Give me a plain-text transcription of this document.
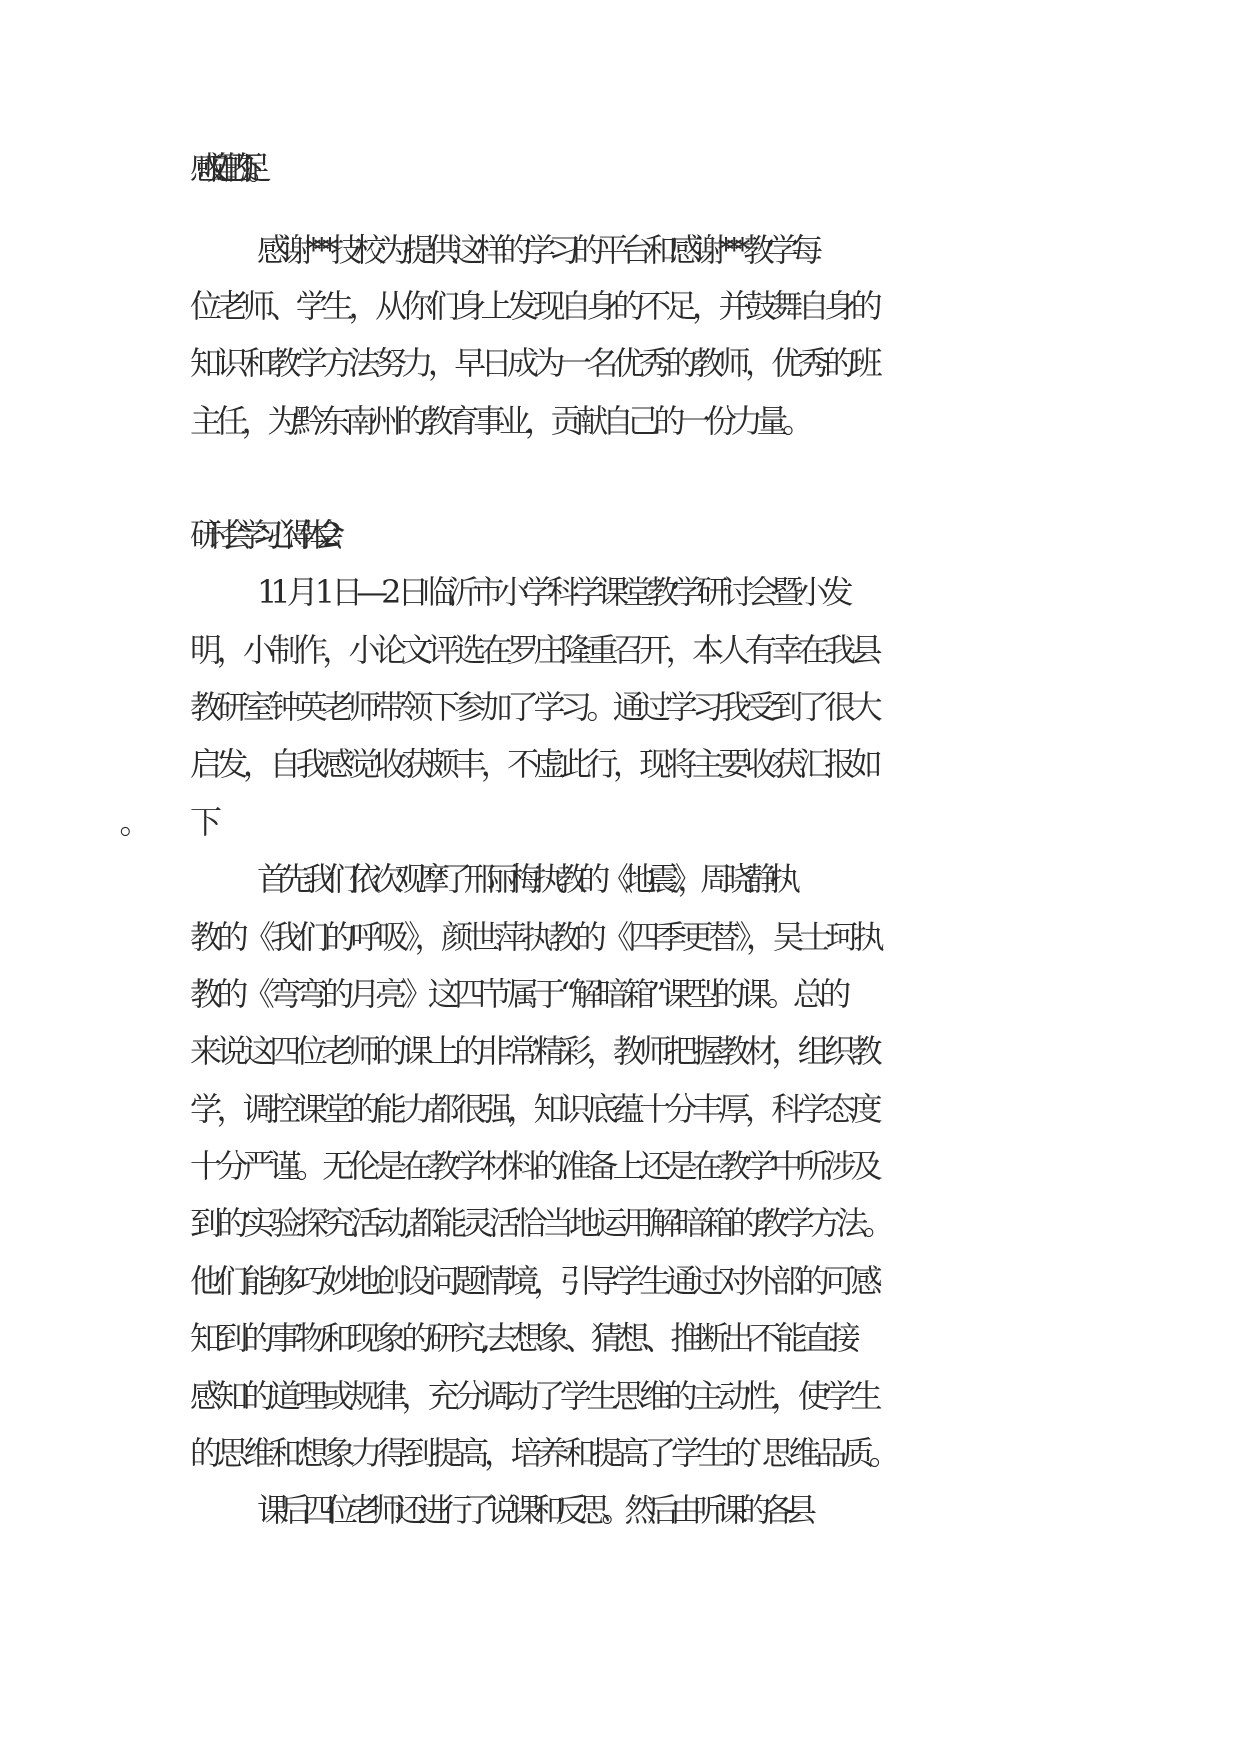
感叹自己的不足。
感谢***技校为提供这样的学习的平台和感谢***教学每
位老师、学生，从你们身上发现自身的不足，并鼓舞自身的
知识和教学方法努力，早日成为一名优秀的教师，优秀的班
主任，为黔东南州的教育事业，贡献自己的一份力量。
研讨会学习心得体会 2
11 月 1 日—2 日临沂市小学科学课堂教学研讨会暨小发
明，小制作，小论文评选在罗庄隆重召开，本人有幸在我县
教研室钟英老师带领下参加了学习。通过学习我受到了很大
启发，自我感觉收获颇丰，不虚此行，现将主要收获汇报如
首先我们依次观摩了邢丽梅执教的《地震》，周晓静执
教的《我们的呼吸》，颜世萍执教的《四季更替》，吴士珂执
教的《弯弯的月亮》这四节属于“解暗箱”课型的课。总的
来说这四位老师的课上的非常精彩，教师把握教材，组织教
学，调控课堂的能力都很强，知识底蕴十分丰厚，科学态度
十分严谨。无伦是在教学材料的准备上还是在教学中所涉及
到的实验探究活动,都能灵活恰当地运用解暗箱的教学方法。
他们能够巧妙地创设问题情境，引导学生通过对外部的可感
知到的事物和现象的研究,去想象、猜想、推断出不能直接
感知的道理或规律，充分调动了学生思维的主动性，使学生
的思维和想象力得到提高，培养和提高了学生的`思维品质。
课后四位老师还进行了说课和反思。然后由听课的各县
